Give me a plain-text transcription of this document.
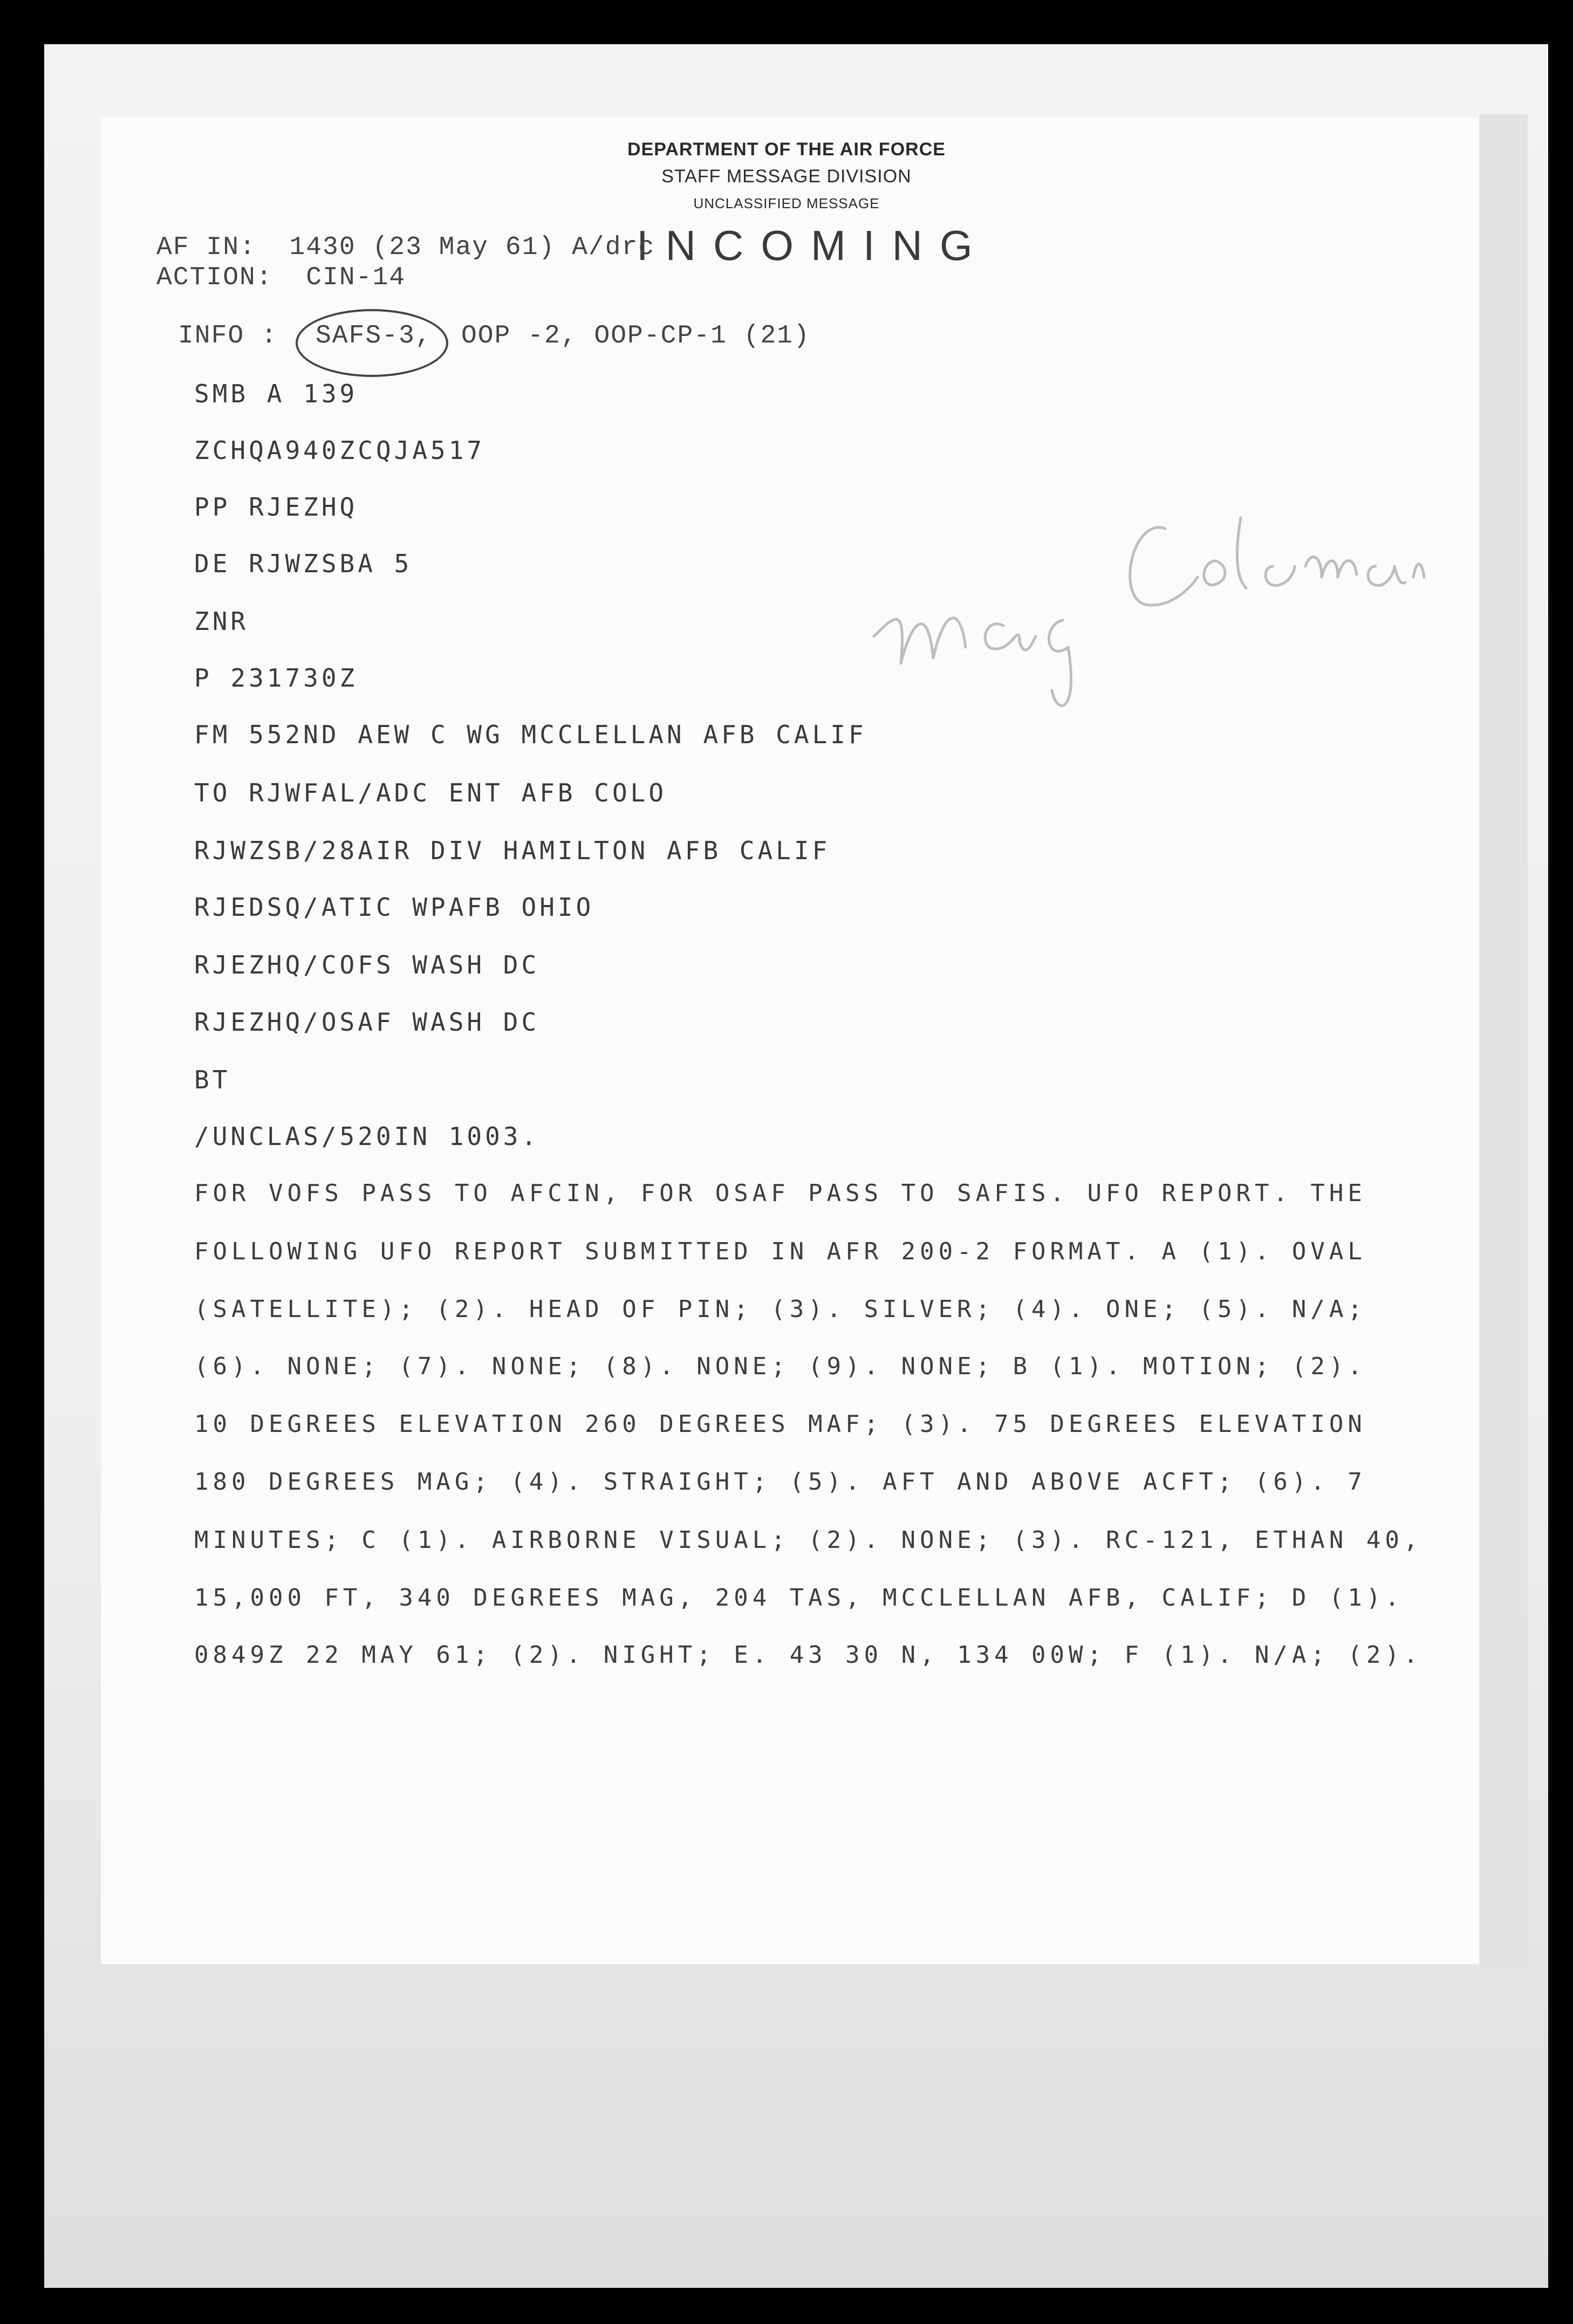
DEPARTMENT OF THE AIR FORCE
STAFF MESSAGE DIVISION
UNCLASSIFIED MESSAGE
INCOMING
AF IN:  1430 (23 May 61) A/drc
ACTION:  CIN-14
INFO : SAFS-3, OOP -2, OOP-CP-1 (21)
SMB A 139
ZCHQA940ZCQJA517
PP RJEZHQ
DE RJWZSBA 5
ZNR
P 231730Z
FM 552ND AEW C WG MCCLELLAN AFB CALIF
TO RJWFAL/ADC ENT AFB COLO
RJWZSB/28AIR DIV HAMILTON AFB CALIF
RJEDSQ/ATIC WPAFB OHIO
RJEZHQ/COFS WASH DC
RJEZHQ/OSAF WASH DC
BT
/UNCLAS/520IN 1003.
FOR VOFS PASS TO AFCIN, FOR OSAF PASS TO SAFIS. UFO REPORT. THE
FOLLOWING UFO REPORT SUBMITTED IN AFR 200-2 FORMAT. A (1). OVAL
(SATELLITE); (2). HEAD OF PIN; (3). SILVER; (4). ONE; (5). N/A;
(6). NONE; (7). NONE; (8). NONE; (9). NONE; B (1). MOTION; (2).
10 DEGREES ELEVATION 260 DEGREES MAF; (3). 75 DEGREES ELEVATION
180 DEGREES MAG; (4). STRAIGHT; (5). AFT AND ABOVE ACFT; (6). 7
MINUTES; C (1). AIRBORNE VISUAL; (2). NONE; (3). RC-121, ETHAN 40,
15,000 FT, 340 DEGREES MAG, 204 TAS, MCCLELLAN AFB, CALIF; D (1).
0849Z 22 MAY 61; (2). NIGHT; E. 43 30 N, 134 00W; F (1). N/A; (2).
